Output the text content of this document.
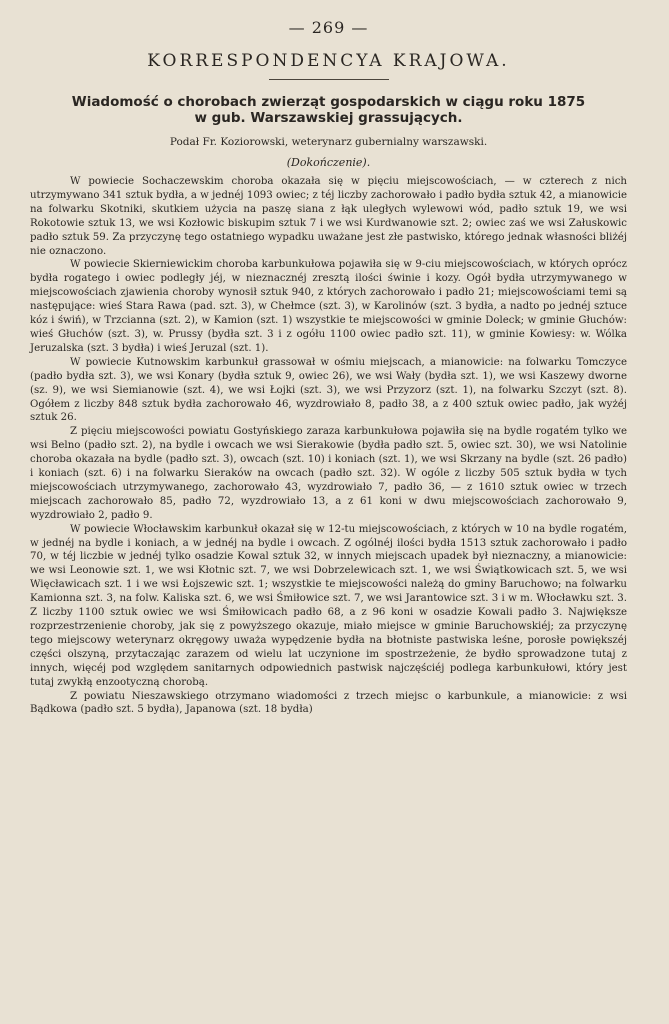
— 269 —
KORRESPONDENCYA KRAJOWA.
Wiadomość o chorobach zwierząt gospodarskich w ciągu roku 1875
w gub. Warszawskiej grassujących.
Podał Fr. Koziorowski, weterynarz gubernialny warszawski.
(Dokończenie).

W powiecie Sochaczewskim choroba okazała się w pięciu miejscowościach, — w czterech z nich utrzymywano 341 sztuk bydła, a w jednéj 1093 owiec; z téj liczby zachorowało i padło bydła sztuk 42, a mianowicie na folwarku Skotniki, skutkiem użycia na paszę siana z łąk uległych wylewowi wód, padło sztuk 19, we wsi Rokotowie sztuk 13, we wsi Kozłowic biskupim sztuk 7 i we wsi Kurdwanowie szt. 2; owiec zaś we wsi Załuskowic padło sztuk 59. Za przyczynę tego ostatniego wypadku uważane jest złe pastwisko, którego jednak własności bliżéj nie oznaczono.

W powiecie Skierniewickim choroba karbunkułowa pojawiła się w 9-ciu miejscowościach, w których oprócz bydła rogatego i owiec podległy jéj, w nieznacznéj zresztą ilości świnie i kozy. Ogół bydła utrzymywanego w miejscowościach zjawienia choroby wynosił sztuk 940, z których zachorowało i padło 21; miejscowościami temi są następujące: wieś Stara Rawa (pad. szt. 3), w Chełmce (szt. 3), w Karolinów (szt. 3 bydła, a nadto po jednéj sztuce kóz i świń), w Trzcianna (szt. 2), w Kamion (szt. 1) wszystkie te miejscowości w gminie Doleck; w gminie Głuchów: wieś Głuchów (szt. 3), w. Prussy (bydła szt. 3 i z ogółu 1100 owiec padło szt. 11), w gminie Kowiesy: w. Wólka Jeruzalska (szt. 3 bydła) i wieś Jeruzal (szt. 1).

W powiecie Kutnowskim karbunkuł grassował w ośmiu miejscach, a mianowicie: na folwarku Tomczyce (padło bydła szt. 3), we wsi Konary (bydła sztuk 9, owiec 26), we wsi Wały (bydła szt. 1), we wsi Kaszewy dworne (sz. 9), we wsi Siemianowie (szt. 4), we wsi Łojki (szt. 3), we wsi Przyzorz (szt. 1), na folwarku Szczyt (szt. 8). Ogółem z liczby 848 sztuk bydła zachorowało 46, wyzdrowiało 8, padło 38, a z 400 sztuk owiec padło, jak wyżéj sztuk 26.

Z pięciu miejscowości powiatu Gostyńskiego zaraza karbunkułowa pojawiła się na bydle rogatém tylko we wsi Belno (padło szt. 2), na bydle i owcach we wsi Sierakowie (bydła padło szt. 5, owiec szt. 30), we wsi Natolinie choroba okazała na bydle (padło szt. 3), owcach (szt. 10) i koniach (szt. 1), we wsi Skrzany na bydle (szt. 26 padło) i koniach (szt. 6) i na folwarku Sieraków na owcach (padło szt. 32). W ogóle z liczby 505 sztuk bydła w tych miejscowościach utrzymywanego, zachorowało 43, wyzdrowiało 7, padło 36, — z 1610 sztuk owiec w trzech miejscach zachorowało 85, padło 72, wyzdrowiało 13, a z 61 koni w dwu miejscowościach zachorowało 9, wyzdrowiało 2, padło 9.

W powiecie Włocławskim karbunkuł okazał się w 12-tu miejscowościach, z których w 10 na bydle rogatém, w jednéj na bydle i koniach, a w jednéj na bydle i owcach. Z ogólnéj ilości bydła 1513 sztuk zachorowało i padło 70, w téj liczbie w jednéj tylko osadzie Kowal sztuk 32, w innych miejscach upadek był nieznaczny, a mianowicie: we wsi Leonowie szt. 1, we wsi Kłotnic szt. 7, we wsi Dobrzelewicach szt. 1, we wsi Świątkowicach szt. 5, we wsi Więcławicach szt. 1 i we wsi Łojszewic szt. 1; wszystkie te miejscowości należą do gminy Baruchowo; na folwarku Kamionna szt. 3, na folw. Kaliska szt. 6, we wsi Śmiłowice szt. 7, we wsi Jarantowice szt. 3 i w m. Włocławku szt. 3. Z liczby 1100 sztuk owiec we wsi Śmiłowicach padło 68, a z 96 koni w osadzie Kowali padło 3. Największe rozprzestrzenienie choroby, jak się z powyższego okazuje, miało miejsce w gminie Baruchowskiéj; za przyczynę tego miejscowy weterynarz okręgowy uważa wypędzenie bydła na błotniste pastwiska leśne, porosłe powiększéj części olszyną, przytaczając zarazem od wielu lat uczynione im spostrzeżenie, że bydło sprowadzone tutaj z innych, więcéj pod względem sanitarnych odpowiednich pastwisk najczęściéj podlega karbunkułowi, który jest tutaj zwykłą enzootyczną chorobą.

Z powiatu Nieszawskiego otrzymano wiadomości z trzech miejsc o karbunkule, a mianowicie: z wsi Bądkowa (padło szt. 5 bydła), Japanowa (szt. 18 bydła)
